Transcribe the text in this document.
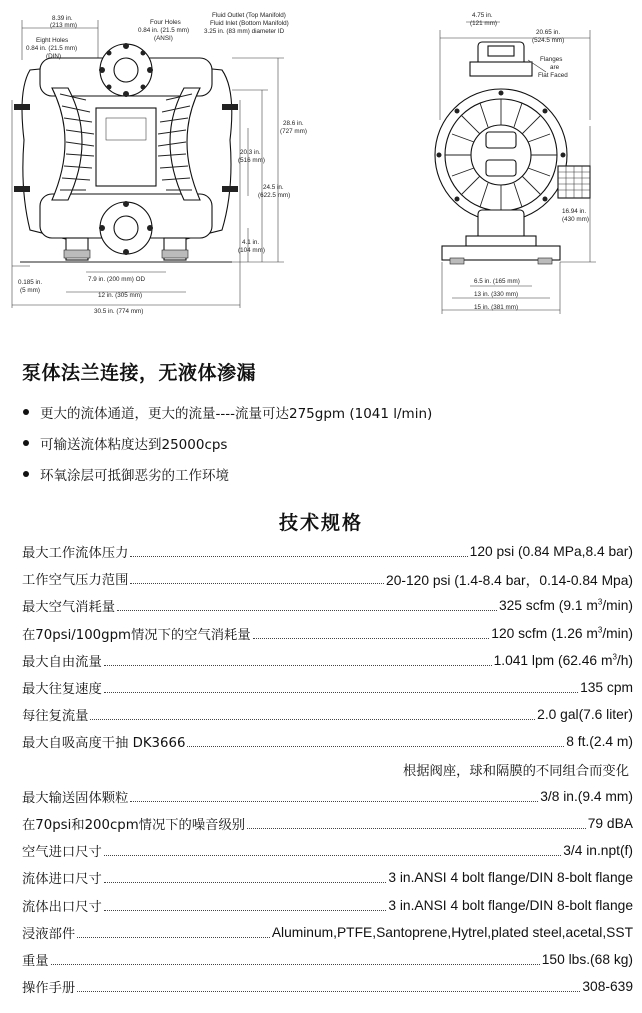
8.39 in.
(213 mm)	Four Holes
0.84 in. (21.5 mm)
(ANSI)
Fluid Outlet (Top Manifold)
Fluid Inlet (Bottom Manifold)
3.25 in. (83 mm) diameter ID
Eight Holes
0.84 in. (21.5 mm)
(DIN)
28.6 in.
(727 mm)
20.3 in.
(516 mm)
24.5 in.
(622.5 mm)
4.1 in.
(104 mm)
0.185 in.
(5 mm)
7.9 in. (200 mm) OD
12 in. (305 mm)
30.5 in. (774 mm)
4.75 in.
(121 mm)
20.65 in.
(524.5 mm)
Flanges
are
Flat Faced
16.94 in.
(430 mm)
6.5 in. (165 mm)
13 in. (330 mm)
15 in. (381 mm)
泵体法兰连接，无液体渗漏
更大的流体通道，更大的流量----流量可达275gpm (1041 l/min)
可输送流体粘度达到25000cps
环氧涂层可抵御恶劣的工作环境
技术规格
最大工作流体压力	120 psi (0.84 MPa,8.4 bar)
工作空气压力范围	20-120 psi (1.4-8.4 bar，0.14-0.84 Mpa)
最大空气消耗量	325 scfm (9.1 $m^3/\min$)
在70psi/100gpm情况下的空气消耗量	120 scfm (1.26 $m^3/\min$)
最大自由流量	1.041 lpm (62.46 $m^3/h$)
最大往复速度	135 cpm
每往复流量	2.0 gal(7.6 liter)
最大自吸高度干抽 DK3666	8 ft.(2.4 m)
根据阀座，球和隔膜的不同组合而变化
最大输送固体颗粒	3/8 in.(9.4 mm)
在70psi和200cpm情况下的噪音级别	79 dBA
空气进口尺寸	3/4 in.npt(f)
流体进口尺寸	3 in.ANSI 4 bolt flange/DIN 8-bolt flange
流体出口尺寸	3 in.ANSI 4 bolt flange/DIN 8-bolt flange
浸液部件	Aluminum,PTFE,Santoprene,Hytrel,plated steel,acetal,SST
重量	150 lbs.(68 kg)
操作手册	308-639
